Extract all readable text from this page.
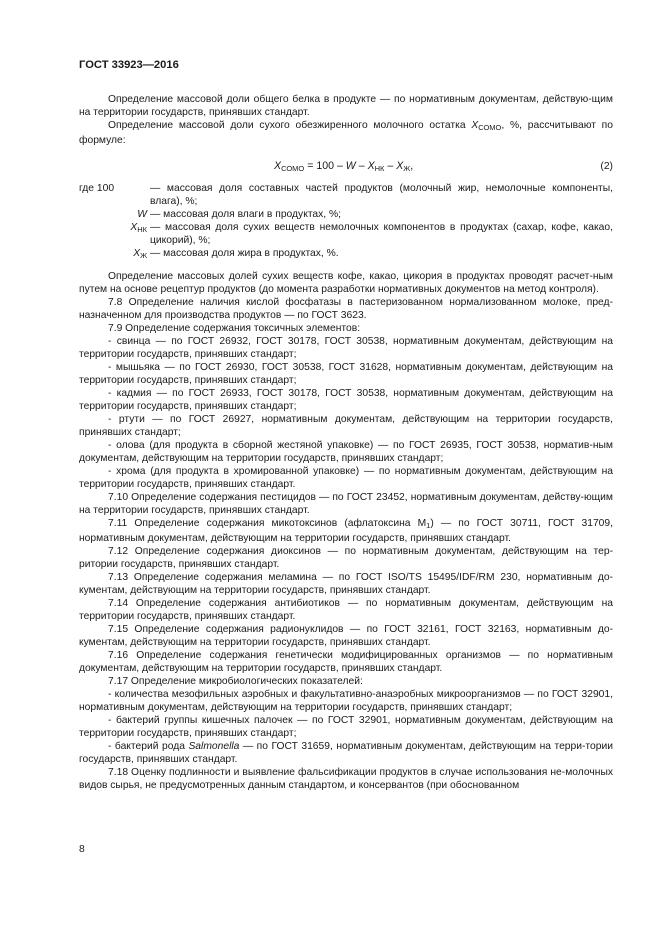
ГОСТ 33923—2016

Определение массовой доли общего белка в продукте — по нормативным документам, действую-щим на территории государств, принявших стандарт.

Определение массовой доли сухого обезжиренного молочного остатка $X_{СОМО}$, %, рассчитывают по формуле:

$X_{СОМО} = 100 - W - X_{НК} - X_Ж$,	(2)
где 100	— массовая доля составных частей продуктов (молочный жир, немолочные компоненты, влага), %;
W — массовая доля влаги в продуктах, %;
$X_{НК}$ — массовая доля сухих веществ немолочных компонентов в продуктах (сахар, кофе, какао, цикорий), %;
$X_Ж$ — массовая доля жира в продуктах, %.

Определение массовых долей сухих веществ кофе, какао, цикория в продуктах проводят расчет-ным путем на основе рецептур продуктов (до момента разработки нормативных документов на метод контроля).

7.8 Определение наличия кислой фосфатазы в пастеризованном нормализованном молоке, пред-назначенном для производства продуктов — по ГОСТ 3623.

7.9 Определение содержания токсичных элементов:

- свинца — по ГОСТ 26932, ГОСТ 30178, ГОСТ 30538, нормативным документам, действующим на территории государств, принявших стандарт;

- мышьяка — по ГОСТ 26930, ГОСТ 30538, ГОСТ 31628, нормативным документам, действующим на территории государств, принявших стандарт;

- кадмия — по ГОСТ 26933, ГОСТ 30178, ГОСТ 30538, нормативным документам, действующим на территории государств, принявших стандарт;

- ртути — по ГОСТ 26927, нормативным документам, действующим на территории государств, принявших стандарт;

- олова (для продукта в сборной жестяной упаковке) — по ГОСТ 26935, ГОСТ 30538, норматив-ным документам, действующим на территории государств, принявших стандарт;

- хрома (для продукта в хромированной упаковке) — по нормативным документам, действующим на территории государств, принявших стандарт.

7.10 Определение содержания пестицидов — по ГОСТ 23452, нормативным документам, действу-ющим на территории государств, принявших стандарт.

7.11 Определение содержания микотоксинов (афлатоксина $M_1$) — по ГОСТ 30711, ГОСТ 31709, нормативным документам, действующим на территории государств, принявших стандарт.

7.12 Определение содержания диоксинов — по нормативным документам, действующим на тер-ритории государств, принявших стандарт.

7.13 Определение содержания меламина — по ГОСТ ISO/TS 15495/IDF/RM 230, нормативным до-кументам, действующим на территории государств, принявших стандарт.

7.14 Определение содержания антибиотиков — по нормативным документам, действующим на территории государств, принявших стандарт.

7.15 Определение содержания радионуклидов — по ГОСТ 32161, ГОСТ 32163, нормативным до-кументам, действующим на территории государств, принявших стандарт.

7.16 Определение содержания генетически модифицированных организмов — по нормативным документам, действующим на территории государств, принявших стандарт.

7.17 Определение микробиологических показателей:

- количества мезофильных аэробных и факультативно-анаэробных микроорганизмов — по ГОСТ 32901, нормативным документам, действующим на территории государств, принявших стандарт;

- бактерий группы кишечных палочек — по ГОСТ 32901, нормативным документам, действующим на территории государств, принявших стандарт;

- бактерий рода Salmonella — по ГОСТ 31659, нормативным документам, действующим на терри-тории государств, принявших стандарт.

7.18 Оценку подлинности и выявление фальсификации продуктов в случае использования не-молочных видов сырья, не предусмотренных данным стандартом, и консервантов (при обоснованном

8
